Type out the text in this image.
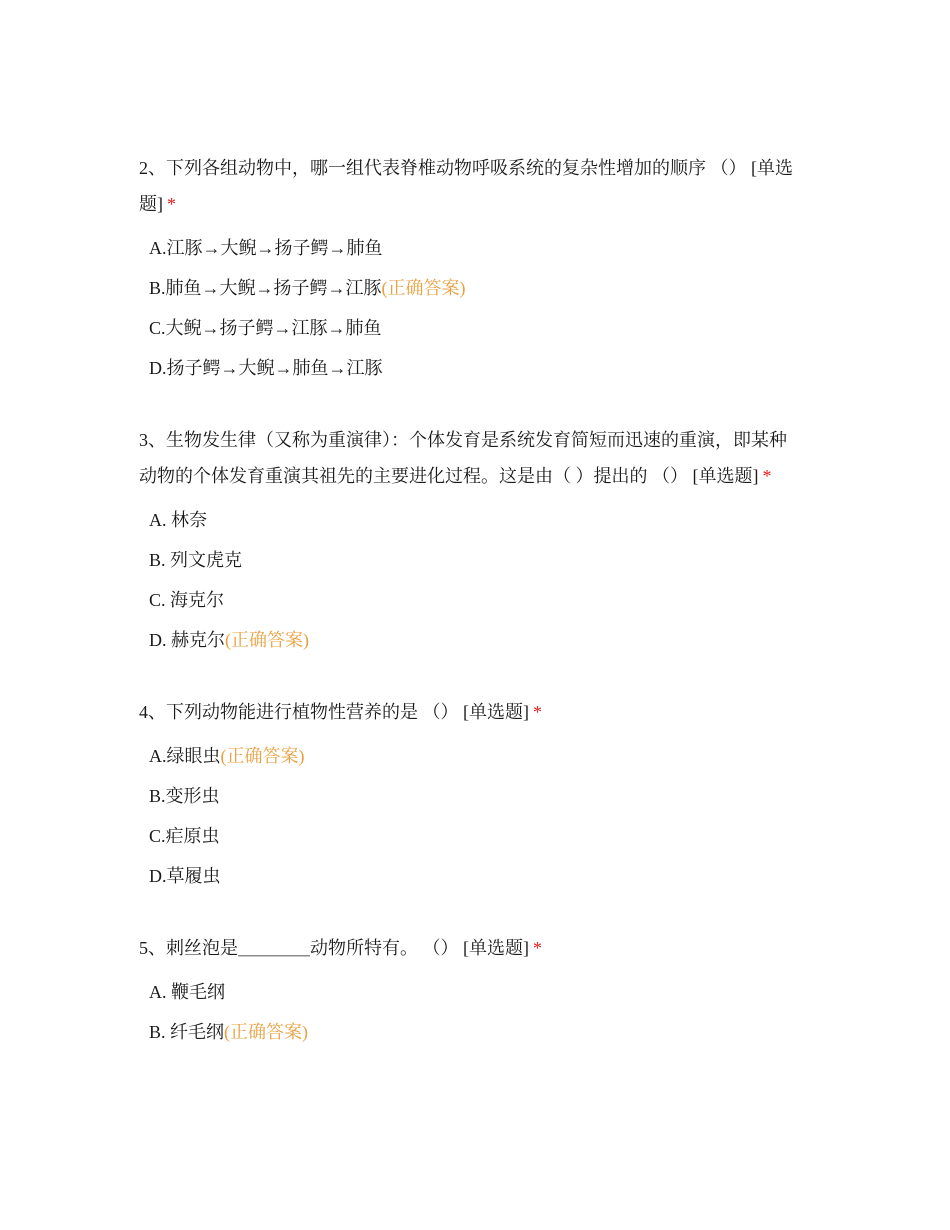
2、下列各组动物中，哪一组代表脊椎动物呼吸系统的复杂性增加的顺序 （） [单选题] *

A.江豚→大鲵→扬子鳄→肺鱼
B.肺鱼→大鲵→扬子鳄→江豚(正确答案)
C.大鲵→扬子鳄→江豚→肺鱼
D.扬子鳄→大鲵→肺鱼→江豚

3、生物发生律（又称为重演律）：个体发育是系统发育简短而迅速的重演，即某种动物的个体发育重演其祖先的主要进化过程。这是由（ ）提出的 （） [单选题] *

A. 林奈
B. 列文虎克
C. 海克尔
D. 赫克尔(正确答案)

4、下列动物能进行植物性营养的是 （） [单选题] *

A.绿眼虫(正确答案)
B.变形虫
C.疟原虫
D.草履虫

5、刺丝泡是＿＿＿＿动物所特有。 （） [单选题] *

A. 鞭毛纲
B. 纤毛纲(正确答案)
